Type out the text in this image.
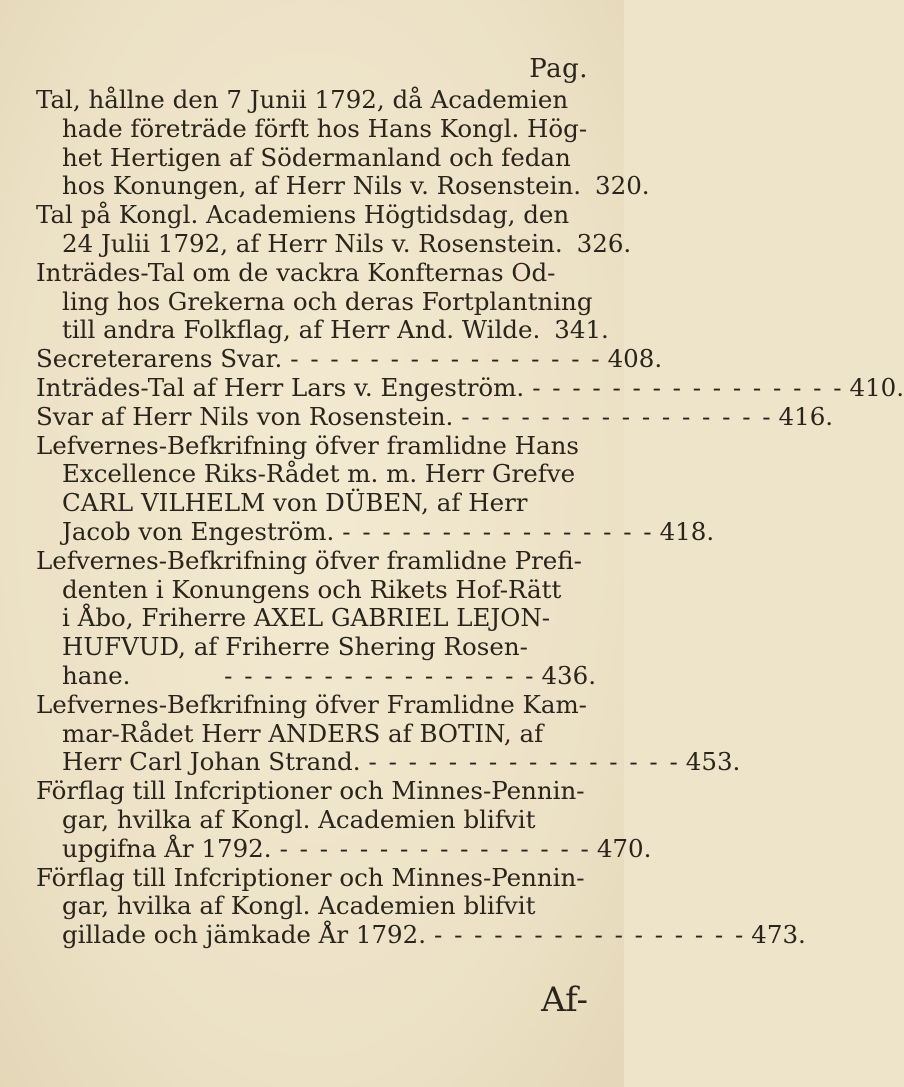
Pag.
Tal, hållne den 7 Junii 1792, då Academien
hade företräde förft hos Hans Kongl. Hög-
het Hertigen af Södermanland och fedan
hos Konungen, af Herr Nils v. Rosenstein. 320.
Tal på Kongl. Academiens Högtidsdag, den
24 Julii 1792, af Herr Nils v. Rosenstein. 326.
Inträdes-Tal om de vackra Konfternas Od-
ling hos Grekerna och deras Fortplantning
till andra Folkflag, af Herr And. Wilde. 341.
Secreterarens Svar. - - - - - - - - - - - - - - - - 408.
Inträdes-Tal af Herr Lars v. Engeström. - - - - - - - - - - - - - - - - 410.
Svar af Herr Nils von Rosenstein. - - - - - - - - - - - - - - - - 416.
Lefvernes-Befkrifning öfver framlidne Hans
Excellence Riks-Rådet m. m. Herr Grefve
CARL VILHELM von DÜBEN, af Herr
Jacob von Engeström. - - - - - - - - - - - - - - - - 418.
Lefvernes-Befkrifning öfver framlidne Prefi-
denten i Konungens och Rikets Hof-Rätt
i Åbo, Friherre AXEL GABRIEL LEJON-
HUFVUD, af Friherre Shering Rosen-
hane.	- - - - - - - - - - - - - - - - 436.
Lefvernes-Befkrifning öfver Framlidne Kam-
mar-Rådet Herr ANDERS af BOTIN, af
Herr Carl Johan Strand. - - - - - - - - - - - - - - - - 453.
Förflag till Infcriptioner och Minnes-Pennin-
gar, hvilka af Kongl. Academien blifvit
upgifna År 1792. - - - - - - - - - - - - - - - - 470.
Förflag till Infcriptioner och Minnes-Pennin-
gar, hvilka af Kongl. Academien blifvit
gillade och jämkade År 1792. - - - - - - - - - - - - - - - - 473.
Af-
